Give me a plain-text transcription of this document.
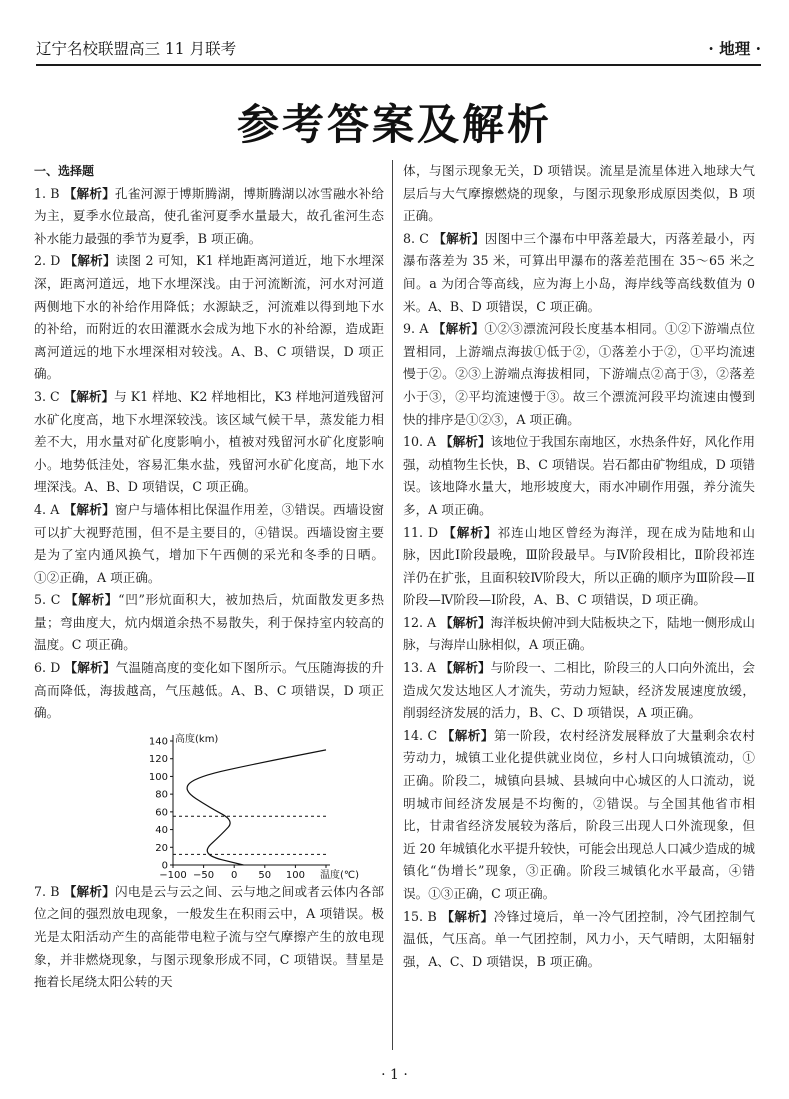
辽宁名校联盟高三 11 月联考	· 地理 ·
参考答案及解析
一、选择题

1. B 【解析】孔雀河源于博斯腾湖，博斯腾湖以冰雪融水补给为主，夏季水位最高，使孔雀河夏季水量最大，故孔雀河生态补水能力最强的季节为夏季，B 项正确。

2. D 【解析】读图 2 可知，K1 样地距离河道近，地下水埋深深，距离河道远，地下水埋深浅。由于河流断流，河水对河道两侧地下水的补给作用降低；水源缺乏，河流难以得到地下水的补给，而附近的农田灌溉水会成为地下水的补给源，造成距离河道远的地下水埋深相对较浅。A、B、C 项错误，D 项正确。

3. C 【解析】与 K1 样地、K2 样地相比，K3 样地河道残留河水矿化度高，地下水埋深较浅。该区域气候干旱，蒸发能力相差不大，用水量对矿化度影响小，植被对残留河水矿化度影响小。地势低洼处，容易汇集水盐，残留河水矿化度高，地下水埋深浅。A、B、D 项错误，C 项正确。

4. A 【解析】窗户与墙体相比保温作用差，③错误。西墙设窗可以扩大视野范围，但不是主要目的，④错误。西墙设窗主要是为了室内通风换气，增加下午西侧的采光和冬季的日晒。①②正确，A 项正确。

5. C 【解析】“凹”形炕面积大，被加热后，炕面散发更多热量；弯曲度大，炕内烟道余热不易散失，利于保持室内较高的温度。C 项正确。

6. D 【解析】气温随高度的变化如下图所示。气压随海拔的升高而降低，海拔越高，气压越低。A、B、C 项错误，D 项正确。

0
20
40
60
80
100
120
140
−100 −50 0 50 100
高度(km)
温度(℃)

7. B 【解析】闪电是云与云之间、云与地之间或者云体内各部位之间的强烈放电现象，一般发生在积雨云中，A 项错误。极光是太阳活动产生的高能带电粒子流与空气摩擦产生的放电现象，并非燃烧现象，与图示现象形成不同，C 项错误。彗星是拖着长尾绕太阳公转的天

体，与图示现象无关，D 项错误。流星是流星体进入地球大气层后与大气摩擦燃烧的现象，与图示现象形成原因类似，B 项正确。

8. C 【解析】因图中三个瀑布中甲落差最大，丙落差最小，丙瀑布落差为 35 米，可算出甲瀑布的落差范围在 35～65 米之间。a 为闭合等高线，应为海上小岛，海岸线等高线数值为 0 米。A、B、D 项错误，C 项正确。

9. A 【解析】①②③漂流河段长度基本相同。①②下游端点位置相同，上游端点海拔①低于②，①落差小于②，①平均流速慢于②。②③上游端点海拔相同，下游端点②高于③，②落差小于③，②平均流速慢于③。故三个漂流河段平均流速由慢到快的排序是①②③，A 项正确。

10. A 【解析】该地位于我国东南地区，水热条件好，风化作用强，动植物生长快，B、C 项错误。岩石都由矿物组成，D 项错误。该地降水量大，地形坡度大，雨水冲刷作用强，养分流失多，A 项正确。

11. D 【解析】祁连山地区曾经为海洋，现在成为陆地和山脉，因此Ⅰ阶段最晚，Ⅲ阶段最早。与Ⅳ阶段相比，Ⅱ阶段祁连洋仍在扩张，且面积较Ⅳ阶段大，所以正确的顺序为Ⅲ阶段—Ⅱ阶段—Ⅳ阶段—Ⅰ阶段，A、B、C 项错误，D 项正确。

12. A 【解析】海洋板块俯冲到大陆板块之下，陆地一侧形成山脉，与海岸山脉相似，A 项正确。

13. A 【解析】与阶段一、二相比，阶段三的人口向外流出，会造成欠发达地区人才流失，劳动力短缺，经济发展速度放缓，削弱经济发展的活力，B、C、D 项错误，A 项正确。

14. C 【解析】第一阶段，农村经济发展释放了大量剩余农村劳动力，城镇工业化提供就业岗位，乡村人口向城镇流动，①正确。阶段二，城镇向县城、县城向中心城区的人口流动，说明城市间经济发展是不均衡的，②错误。与全国其他省市相比，甘肃省经济发展较为落后，阶段三出现人口外流现象，但近 20 年城镇化水平提升较快，可能会出现总人口减少造成的城镇化“伪增长”现象，③正确。阶段三城镇化水平最高，④错误。①③正确，C 项正确。

15. B 【解析】冷锋过境后，单一冷气团控制，冷气团控制气温低，气压高。单一气团控制，风力小，天气晴朗，太阳辐射强，A、C、D 项错误，B 项正确。

· 1 ·
